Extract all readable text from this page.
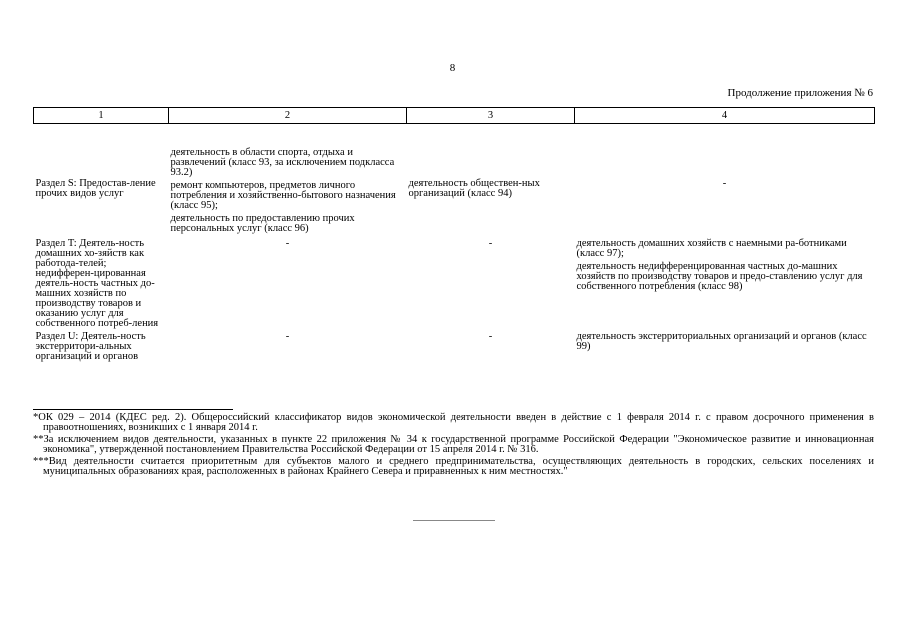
8
Продолжение приложения № 6
1	2	3	4

Раздел S: Предостав-ление прочих видов услуг	деятельность в области спорта, отдыха и развлечений (класс 93, за исключением подкласса 93.2)
ремонт компьютеров, предметов личного потребления и хозяйственно-бытового назначения (класс 95);
деятельность по предоставлению прочих персональных услуг (класс 96)	деятельность обществен-ных организаций (класс 94)	-

Раздел T: Деятель-ность домашних хо-зяйств как работода-телей; недифферен-цированная деятель-ность частных до-машних хозяйств по производству товаров и оказанию услуг для собственного потреб-ления	-	-	деятельность домашних хозяйств с наемными ра-ботниками (класс 97);
деятельность недифференцированная частных до-машних хозяйств по производству товаров и предо-ставлению услуг для собственного потребления (класс 98)

Раздел U: Деятель-ность экстерритори-альных организаций и органов	-	-	деятельность экстерриториальных организаций и органов (класс 99)
*ОК 029 – 2014 (КДЕС ред. 2). Общероссийский классификатор видов экономической деятельности введен в действие с 1 февраля 2014 г. с правом досрочного применения в правоотношениях, возникших с 1 января 2014 г.
**За исключением видов деятельности, указанных в пункте 22 приложения № 34 к государственной программе Российской Федерации "Экономическое развитие и инновационная экономика", утвержденной постановлением Правительства Российской Федерации от 15 апреля 2014 г. № 316.
***Вид деятельности считается приоритетным для субъектов малого и среднего предпринимательства, осуществляющих деятельность в городских, сельских поселениях и муниципальных образованиях края, расположенных в районах Крайнего Севера и приравненных к ним местностях."
